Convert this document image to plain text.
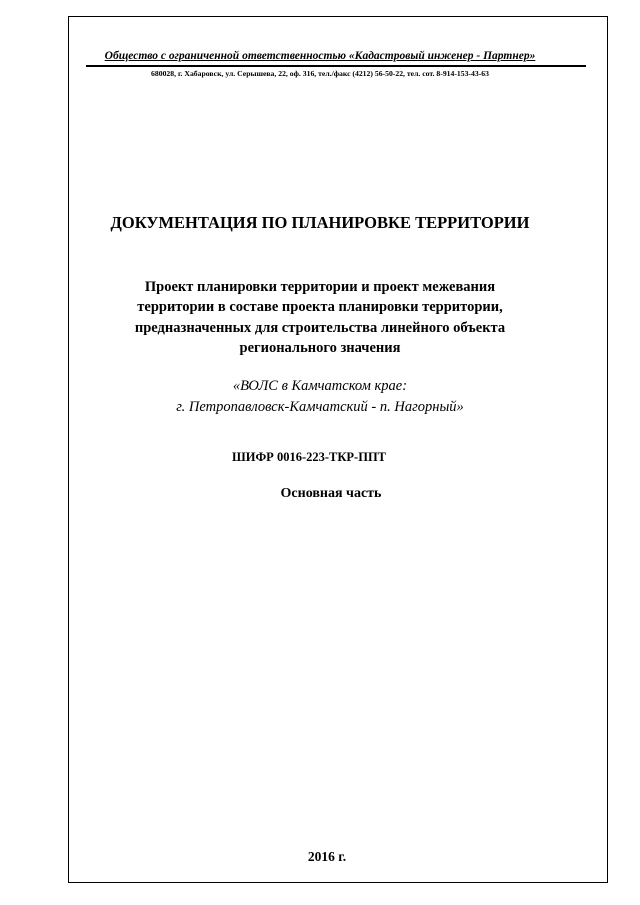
Общество с ограниченной ответственностью «Кадастровый инженер - Партнер»
680028, г. Хабаровск, ул. Серышева, 22, оф. 316, тел./факс (4212) 56-50-22, тел. сот. 8-914-153-43-63
ДОКУМЕНТАЦИЯ ПО ПЛАНИРОВКЕ ТЕРРИТОРИИ
Проект планировки территории и проект межевания
территории в составе проекта планировки территории,
предназначенных для строительства линейного объекта
регионального значения
«ВОЛС в Камчатском крае:
г. Петропавловск-Камчатский - п. Нагорный»
ШИФР 0016-223-ТКР-ППТ
Основная часть
2016 г.
